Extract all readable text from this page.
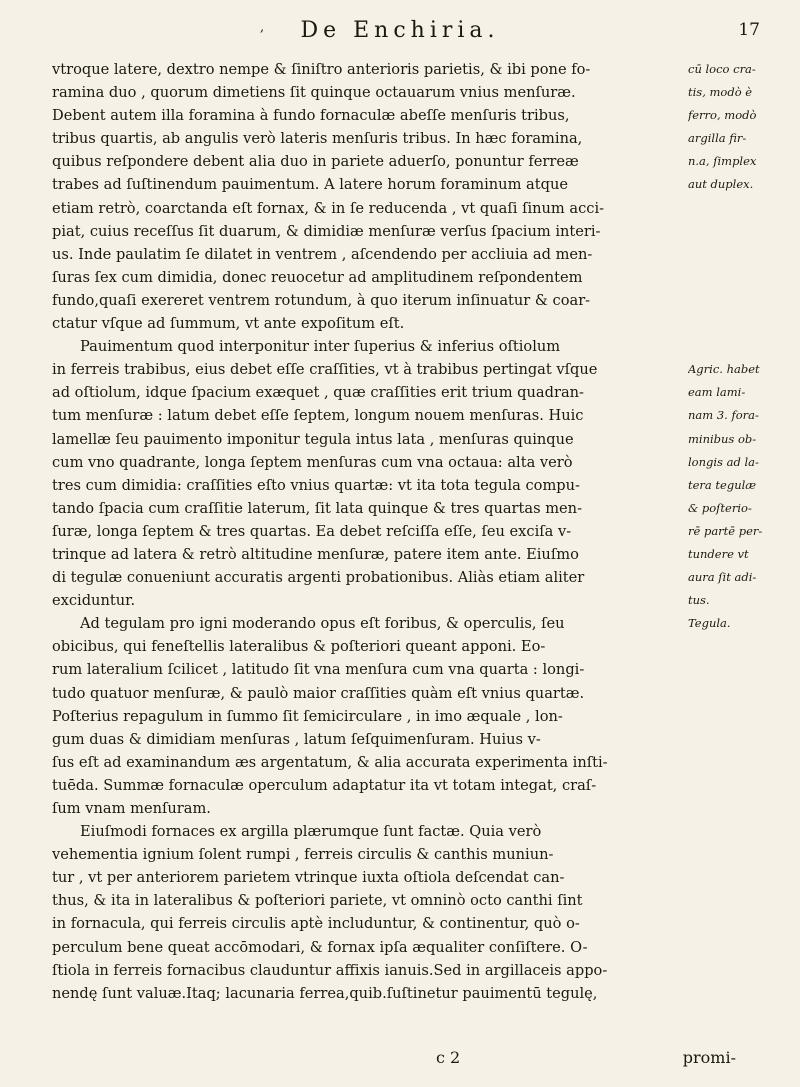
,	De Enchiria.	17
vtroque latere, dextro nempe & ſiniſtro anterioris parietis, & ibi pone fo-
ramina duo , quorum dimetiens ſit quinque octauarum vnius menſuræ.
Debent autem illa foramina à fundo fornaculæ abeſſe menſuris tribus,
tribus quartis, ab angulis verò lateris menſuris tribus. In hæc foramina,
quibus reſpondere debent alia duo in pariete aduerſo, ponuntur ferreæ
trabes ad ſuſtinendum pauimentum. A latere horum foraminum atque
etiam retrò, coarctanda eſt fornax, & in ſe reducenda , vt quaſi ſinum acci-
piat, cuius receſſus ſit duarum, & dimidiæ menſuræ verſus ſpacium interi-
us. Inde paulatim ſe dilatet in ventrem , aſcendendo per accliuia ad men-
ſuras ſex cum dimidia, donec reuocetur ad amplitudinem reſpondentem
fundo,quaſi exereret ventrem rotundum, à quo iterum inſinuatur & coar-
ctatur vſque ad ſummum, vt ante expoſitum eſt.
Pauimentum quod interponitur inter ſuperius & inferius oſtiolum
in ferreis trabibus, eius debet eſſe craſſities, vt à trabibus pertingat vſque
ad oſtiolum, idque ſpacium exæquet , quæ craſſities erit trium quadran-
tum menſuræ : latum debet eſſe ſeptem, longum nouem menſuras. Huic
lamellæ ſeu pauimento imponitur tegula intus lata , menſuras quinque
cum vno quadrante, longa ſeptem menſuras cum vna octaua: alta verò
tres cum dimidia: craſſities eſto vnius quartæ: vt ita tota tegula compu-
tando ſpacia cum craſſitie laterum, ſit lata quinque & tres quartas men-
ſuræ, longa ſeptem & tres quartas. Ea debet reſciſſa eſſe, ſeu exciſa v-
trinque ad latera & retrò altitudine menſuræ, patere item ante. Eiuſmo
di tegulæ conueniunt accuratis argenti probationibus. Aliàs etiam aliter
exciduntur.
Ad tegulam pro igni moderando opus eſt foribus, & operculis, ſeu
obicibus, qui feneſtellis lateralibus & poſteriori queant apponi. Eo-
rum lateralium ſcilicet , latitudo ſit vna menſura cum vna quarta : longi-
tudo quatuor menſuræ, & paulò maior craſſities quàm eſt vnius quartæ.
Poſterius repagulum in ſummo ſit ſemicirculare , in imo æquale , lon-
gum duas & dimidiam menſuras , latum ſeſquimenſuram. Huius v-
ſus eſt ad examinandum æs argentatum, & alia accurata experimenta inſti-
tuēda. Summæ fornaculæ operculum adaptatur ita vt totam integat, craſ-
ſum vnam menſuram.
Eiuſmodi fornaces ex argilla plærumque ſunt factæ. Quia verò
vehementia ignium ſolent rumpi , ferreis circulis & canthis muniun-
tur , vt per anteriorem parietem vtrinque iuxta oſtiola deſcendat can-
thus, & ita in lateralibus & poſteriori pariete, vt omninò octo canthi ſint
in fornacula, qui ferreis circulis aptè includuntur, & continentur, quò o-
perculum bene queat accōmodari, & fornax ipſa æqualiter conſiſtere. O-
ſtiola in ferreis fornacibus clauduntur affixis ianuis.Sed in argillaceis appo-
nendę ſunt valuæ.Itaq; lacunaria ferrea,quib.ſuſtinetur pauimentū tegulę,
cū loco cra-
tis, modò è
ferro, modò
argilla fir-
n.a, ſimplex
aut duplex.
Agric. habet
eam lami-
nam 3. fora-
minibus ob-
longis ad la-
tera tegulæ
& poſterio-
rē partē per-
tundere vt
aura ſit adi-
tus.
Tegula.
c 2	promi-
